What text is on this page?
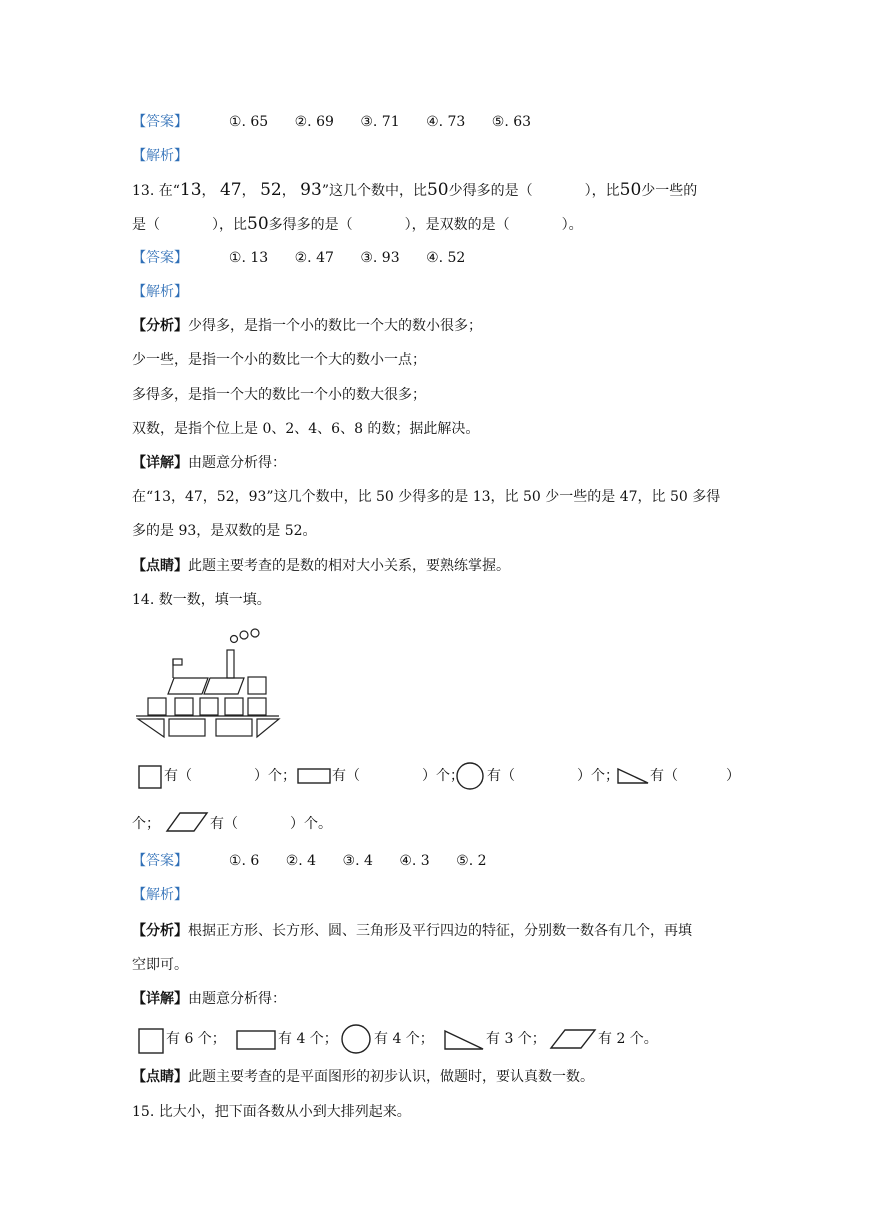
【答案】	①. 65 ②. 69 ③. 71 ④. 73 ⑤. 63
【解析】
13. 在“13， 47， 52， 93”这几个数中，比50少得多的是（	），比50少一些的
是（	），比50多得多的是（	），是双数的是（	）。
【答案】	①. 13 ②. 47 ③. 93 ④. 52
【解析】
【分析】少得多，是指一个小的数比一个大的数小很多；
少一些，是指一个小的数比一个大的数小一点；
多得多，是指一个大的数比一个小的数大很多；
双数，是指个位上是 0、2、4、6、8 的数；据此解决。
【详解】由题意分析得：
在“13，47，52，93”这几个数中，比 50 少得多的是 13，比 50 少一些的是 47，比 50 多得
多的是 93，是双数的是 52。
【点睛】此题主要考查的是数的相对大小关系，要熟练掌握。
14. 数一数，填一填。
有（	）个；	有（	）个； 有（	）个； 有（	）
个；	有（	）个。
【答案】	①. 6 ②. 4 ③. 4 ④. 3 ⑤. 2
【解析】
【分析】根据正方形、长方形、圆、三角形及平行四边的特征，分别数一数各有几个，再填
空即可。
【详解】由题意分析得：
有 6 个；	有 4 个；	有 4 个；	有 3 个；	有 2 个。
【点睛】此题主要考查的是平面图形的初步认识，做题时，要认真数一数。
15. 比大小，把下面各数从小到大排列起来。
